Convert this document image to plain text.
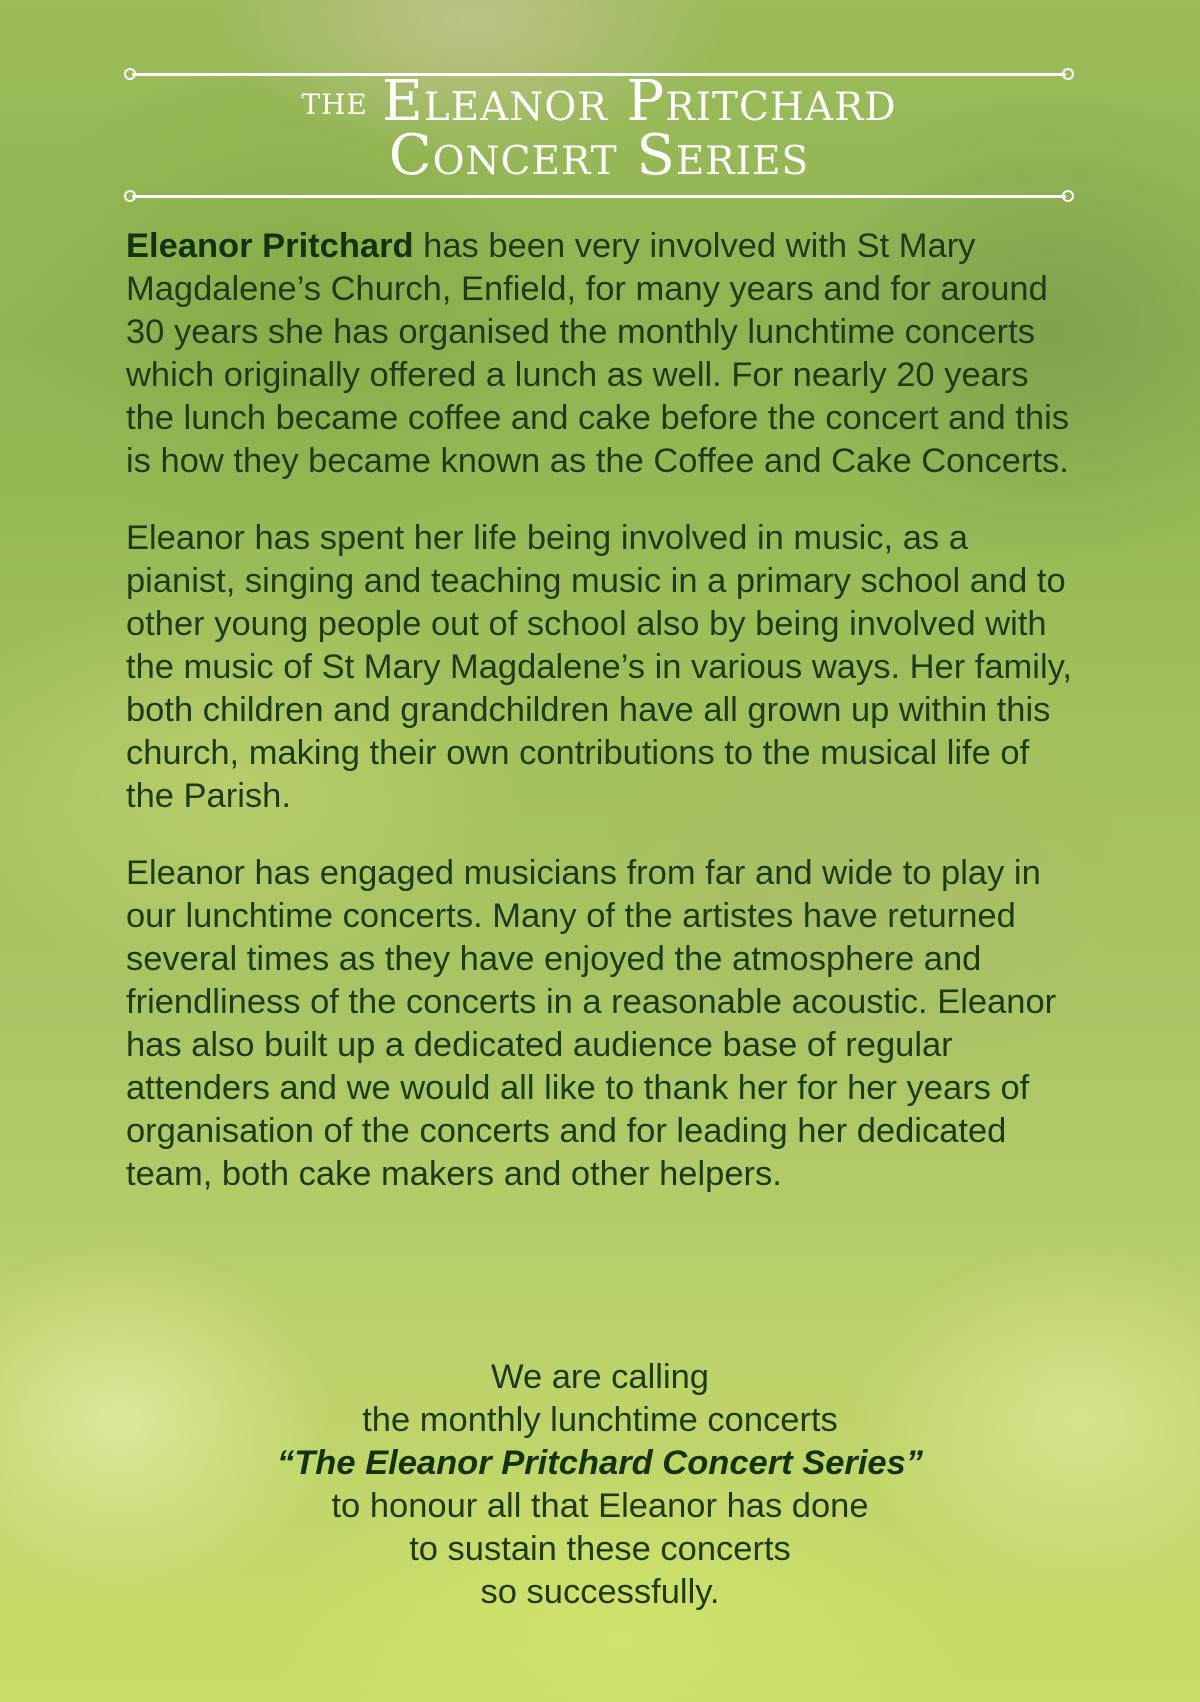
the Eleanor Pritchard
Concert Series

Eleanor Pritchard has been very involved with St Mary Magdalene’s Church, Enfield, for many years and for around 30 years she has organised the monthly lunchtime concerts which originally offered a lunch as well. For nearly 20 years the lunch became coffee and cake before the concert and this is how they became known as the Coffee and Cake Concerts.

Eleanor has spent her life being involved in music, as a pianist, singing and teaching music in a primary school and to other young people out of school also by being involved with the music of St Mary Magdalene’s in various ways. Her family, both children and grandchildren have all grown up within this church, making their own contributions to the musical life of the Parish.

Eleanor has engaged musicians from far and wide to play in our lunchtime concerts. Many of the artistes have returned several times as they have enjoyed the atmosphere and friendliness of the concerts in a reasonable acoustic. Eleanor has also built up a dedicated audience base of regular attenders and we would all like to thank her for her years of organisation of the concerts and for leading her dedicated team, both cake makers and other helpers.

We are calling
the monthly lunchtime concerts
“The Eleanor Pritchard Concert Series”
to honour all that Eleanor has done
to sustain these concerts
so successfully.
